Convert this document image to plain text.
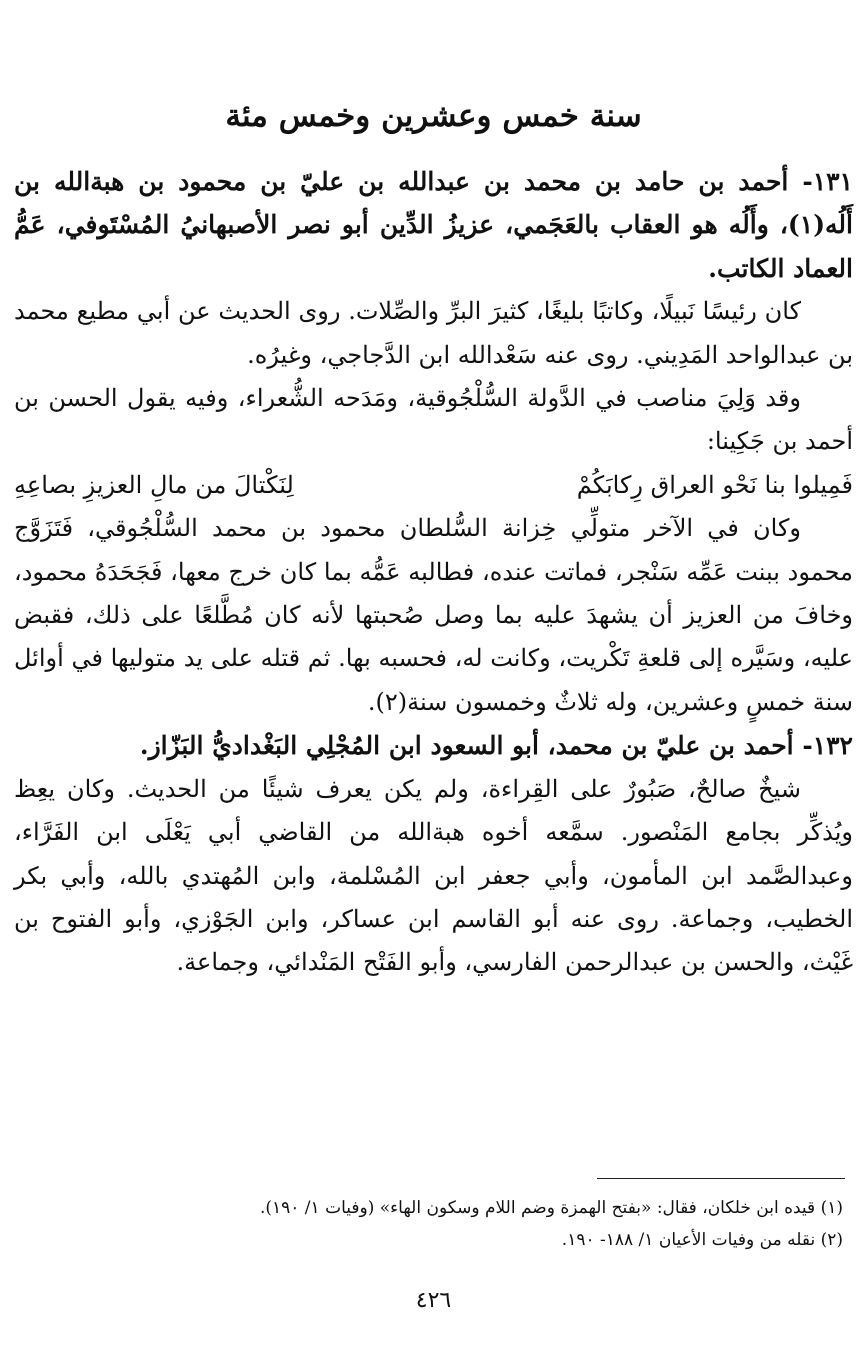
سنة خمس وعشرين وخمس مئة

١٣١- أحمد بن حامد بن محمد بن عبدالله بن عليّ بن محمود بن هبةالله بن أَلُه(١)، وأَلُه هو العقاب بالعَجَمي، عزيزُ الدِّين أبو نصر الأصبهانيُ المُسْتَوفي، عَمُّ العماد الكاتب.

كان رئيسًا نَبيلًا، وكاتبًا بليغًا، كثيرَ البرِّ والصِّلات. روى الحديث عن أبي مطيع محمد بن عبدالواحد المَدِيني. روى عنه سَعْدالله ابن الدَّجاجي، وغيرُه.

وقد وَلِيَ مناصب في الدَّولة السُّلْجُوقية، ومَدَحه الشُّعراء، وفيه يقول الحسن بن أحمد بن جَكِينا:

فَمِيلوا بنا نَحْو العراق رِكابَكُمْ لِنَكْتالَ من مالِ العزيزِ بصاعِهِ

وكان في الآخر متولِّي خِزانة السُّلطان محمود بن محمد السُّلْجُوقي، فَتَزَوَّج محمود ببنت عَمِّه سَنْجر، فماتت عنده، فطالبه عَمُّه بما كان خرج معها، فَجَحَدَهُ محمود، وخافَ من العزيز أن يشهدَ عليه بما وصل صُحبتها لأنه كان مُطَّلعًا على ذلك، فقبض عليه، وسَيَّره إلى قلعةِ تَكْريت، وكانت له، فحسبه بها. ثم قتله على يد متوليها في أوائل سنة خمسٍ وعشرين، وله ثلاثٌ وخمسون سنة(٢).

١٣٢- أحمد بن عليّ بن محمد، أبو السعود ابن المُجْلِي البَغْداديُّ البَزّاز.

شيخٌ صالحٌ، صَبُورٌ على القِراءة، ولم يكن يعرف شيئًا من الحديث. وكان يعِظ ويُذكِّر بجامع المَنْصور. سمَّعه أخوه هبةالله من القاضي أبي يَعْلَى ابن الفَرَّاء، وعبدالصَّمد ابن المأمون، وأبي جعفر ابن المُسْلمة، وابن المُهتدي بالله، وأبي بكر الخطيب، وجماعة. روى عنه أبو القاسم ابن عساكر، وابن الجَوْزي، وأبو الفتوح بن غَيْث، والحسن بن عبدالرحمن الفارسي، وأبو الفَتْح المَنْدائي، وجماعة.

(١) قيده ابن خلكان، فقال: «بفتح الهمزة وضم اللام وسكون الهاء» (وفيات ١/ ١٩٠).

(٢) نقله من وفيات الأعيان ١/ ١٨٨- ١٩٠.

٤٢٦
